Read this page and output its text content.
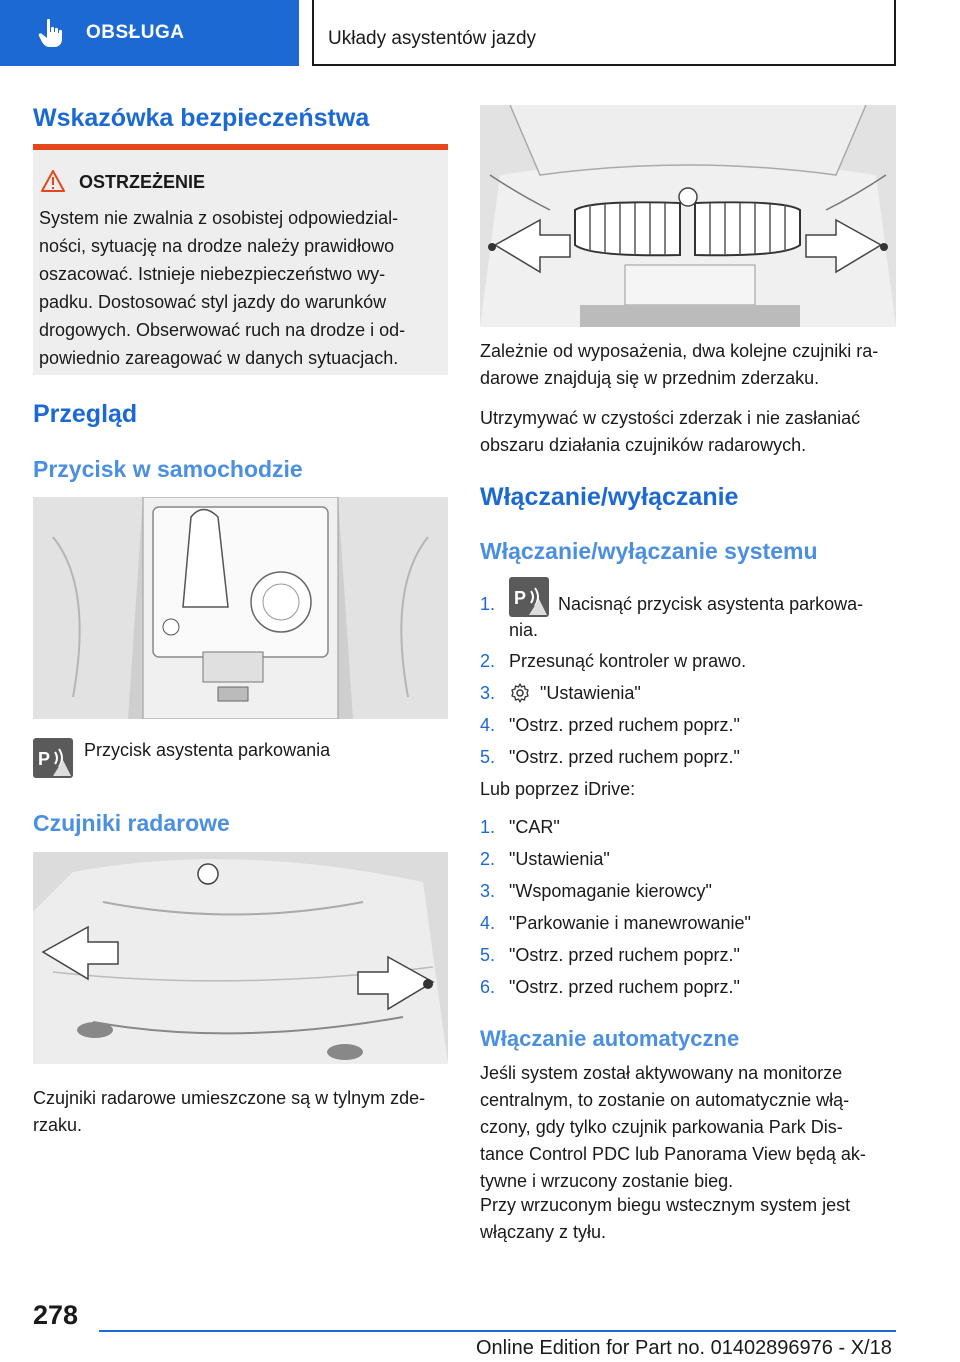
OBSŁUGA	Układy asystentów jazdy
Wskazówka bezpieczeństwa
OSTRZEŻENIE
System nie zwalnia z osobistej odpowiedzial-
ności, sytuację na drodze należy prawidłowo
oszacować. Istnieje niebezpieczeństwo wy-
padku. Dostosować styl jazdy do warunków
drogowych. Obserwować ruch na drodze i od-
powiednio zareagować w danych sytuacjach.
Przegląd
Przycisk w samochodzie
P Przycisk asystenta parkowania
Czujniki radarowe
Czujniki radarowe umieszczone są w tylnym zde-
rzaku.
Zależnie od wyposażenia, dwa kolejne czujniki ra-
darowe znajdują się w przednim zderzaku.
Utrzymywać w czystości zderzak i nie zasłaniać
obszaru działania czujników radarowych.
Włączanie/wyłączanie
Włączanie/wyłączanie systemu
1. P Nacisnąć przycisk asystenta parkowa-
nia.
2. Przesunąć kontroler w prawo.
3. "Ustawienia"
4. "Ostrz. przed ruchem poprz."
5. "Ostrz. przed ruchem poprz."
Lub poprzez iDrive:
1. "CAR"
2. "Ustawienia"
3. "Wspomaganie kierowcy"
4. "Parkowanie i manewrowanie"
5. "Ostrz. przed ruchem poprz."
6. "Ostrz. przed ruchem poprz."
Włączanie automatyczne
Jeśli system został aktywowany na monitorze
centralnym, to zostanie on automatycznie włą-
czony, gdy tylko czujnik parkowania Park Dis-
tance Control PDC lub Panorama View będą ak-
tywne i wrzucony zostanie bieg.
Przy wrzuconym biegu wstecznym system jest
włączany z tyłu.
278
Online Edition for Part no. 01402896976 - X/18
